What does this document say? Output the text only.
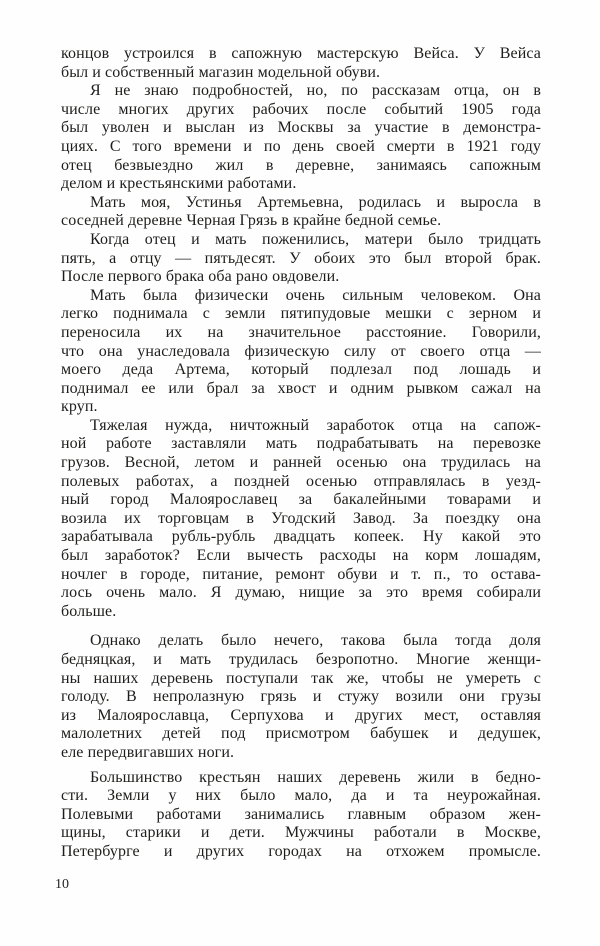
концов устроился в сапожную мастерскую Вейса. У Вейса
был и собственный магазин модельной обуви.
Я не знаю подробностей, но, по рассказам отца, он в
числе многих других рабочих после событий 1905 года
был уволен и выслан из Москвы за участие в демонстра-
циях. С того времени и по день своей смерти в 1921 году
отец безвыездно жил в деревне, занимаясь сапожным
делом и крестьянскими работами.
Мать моя, Устинья Артемьевна, родилась и выросла в
соседней деревне Черная Грязь в крайне бедной семье.
Когда отец и мать поженились, матери было тридцать
пять, а отцу — пятьдесят. У обоих это был второй брак.
После первого брака оба рано овдовели.
Мать была физически очень сильным человеком. Она
легко поднимала с земли пятипудовые мешки с зерном и
переносила их на значительное расстояние. Говорили,
что она унаследовала физическую силу от своего отца —
моего деда Артема, который подлезал под лошадь и
поднимал ее или брал за хвост и одним рывком сажал на
круп.
Тяжелая нужда, ничтожный заработок отца на сапож-
ной работе заставляли мать подрабатывать на перевозке
грузов. Весной, летом и ранней осенью она трудилась на
полевых работах, а поздней осенью отправлялась в уезд-
ный город Малоярославец за бакалейными товарами и
возила их торговцам в Угодский Завод. За поездку она
зарабатывала рубль-рубль двадцать копеек. Ну какой это
был заработок? Если вычесть расходы на корм лошадям,
ночлег в городе, питание, ремонт обуви и т. п., то остава-
лось очень мало. Я думаю, нищие за это время собирали
больше.
Однако делать было нечего, такова была тогда доля
бедняцкая, и мать трудилась безропотно. Многие женщи-
ны наших деревень поступали так же, чтобы не умереть с
голоду. В непролазную грязь и стужу возили они грузы
из Малоярославца, Серпухова и других мест, оставляя
малолетних детей под присмотром бабушек и дедушек,
еле передвигавших ноги.
Большинство крестьян наших деревень жили в бедно-
сти. Земли у них было мало, да и та неурожайная.
Полевыми работами занимались главным образом жен-
щины, старики и дети. Мужчины работали в Москве,
Петербурге и других городах на отхожем промысле.
10
